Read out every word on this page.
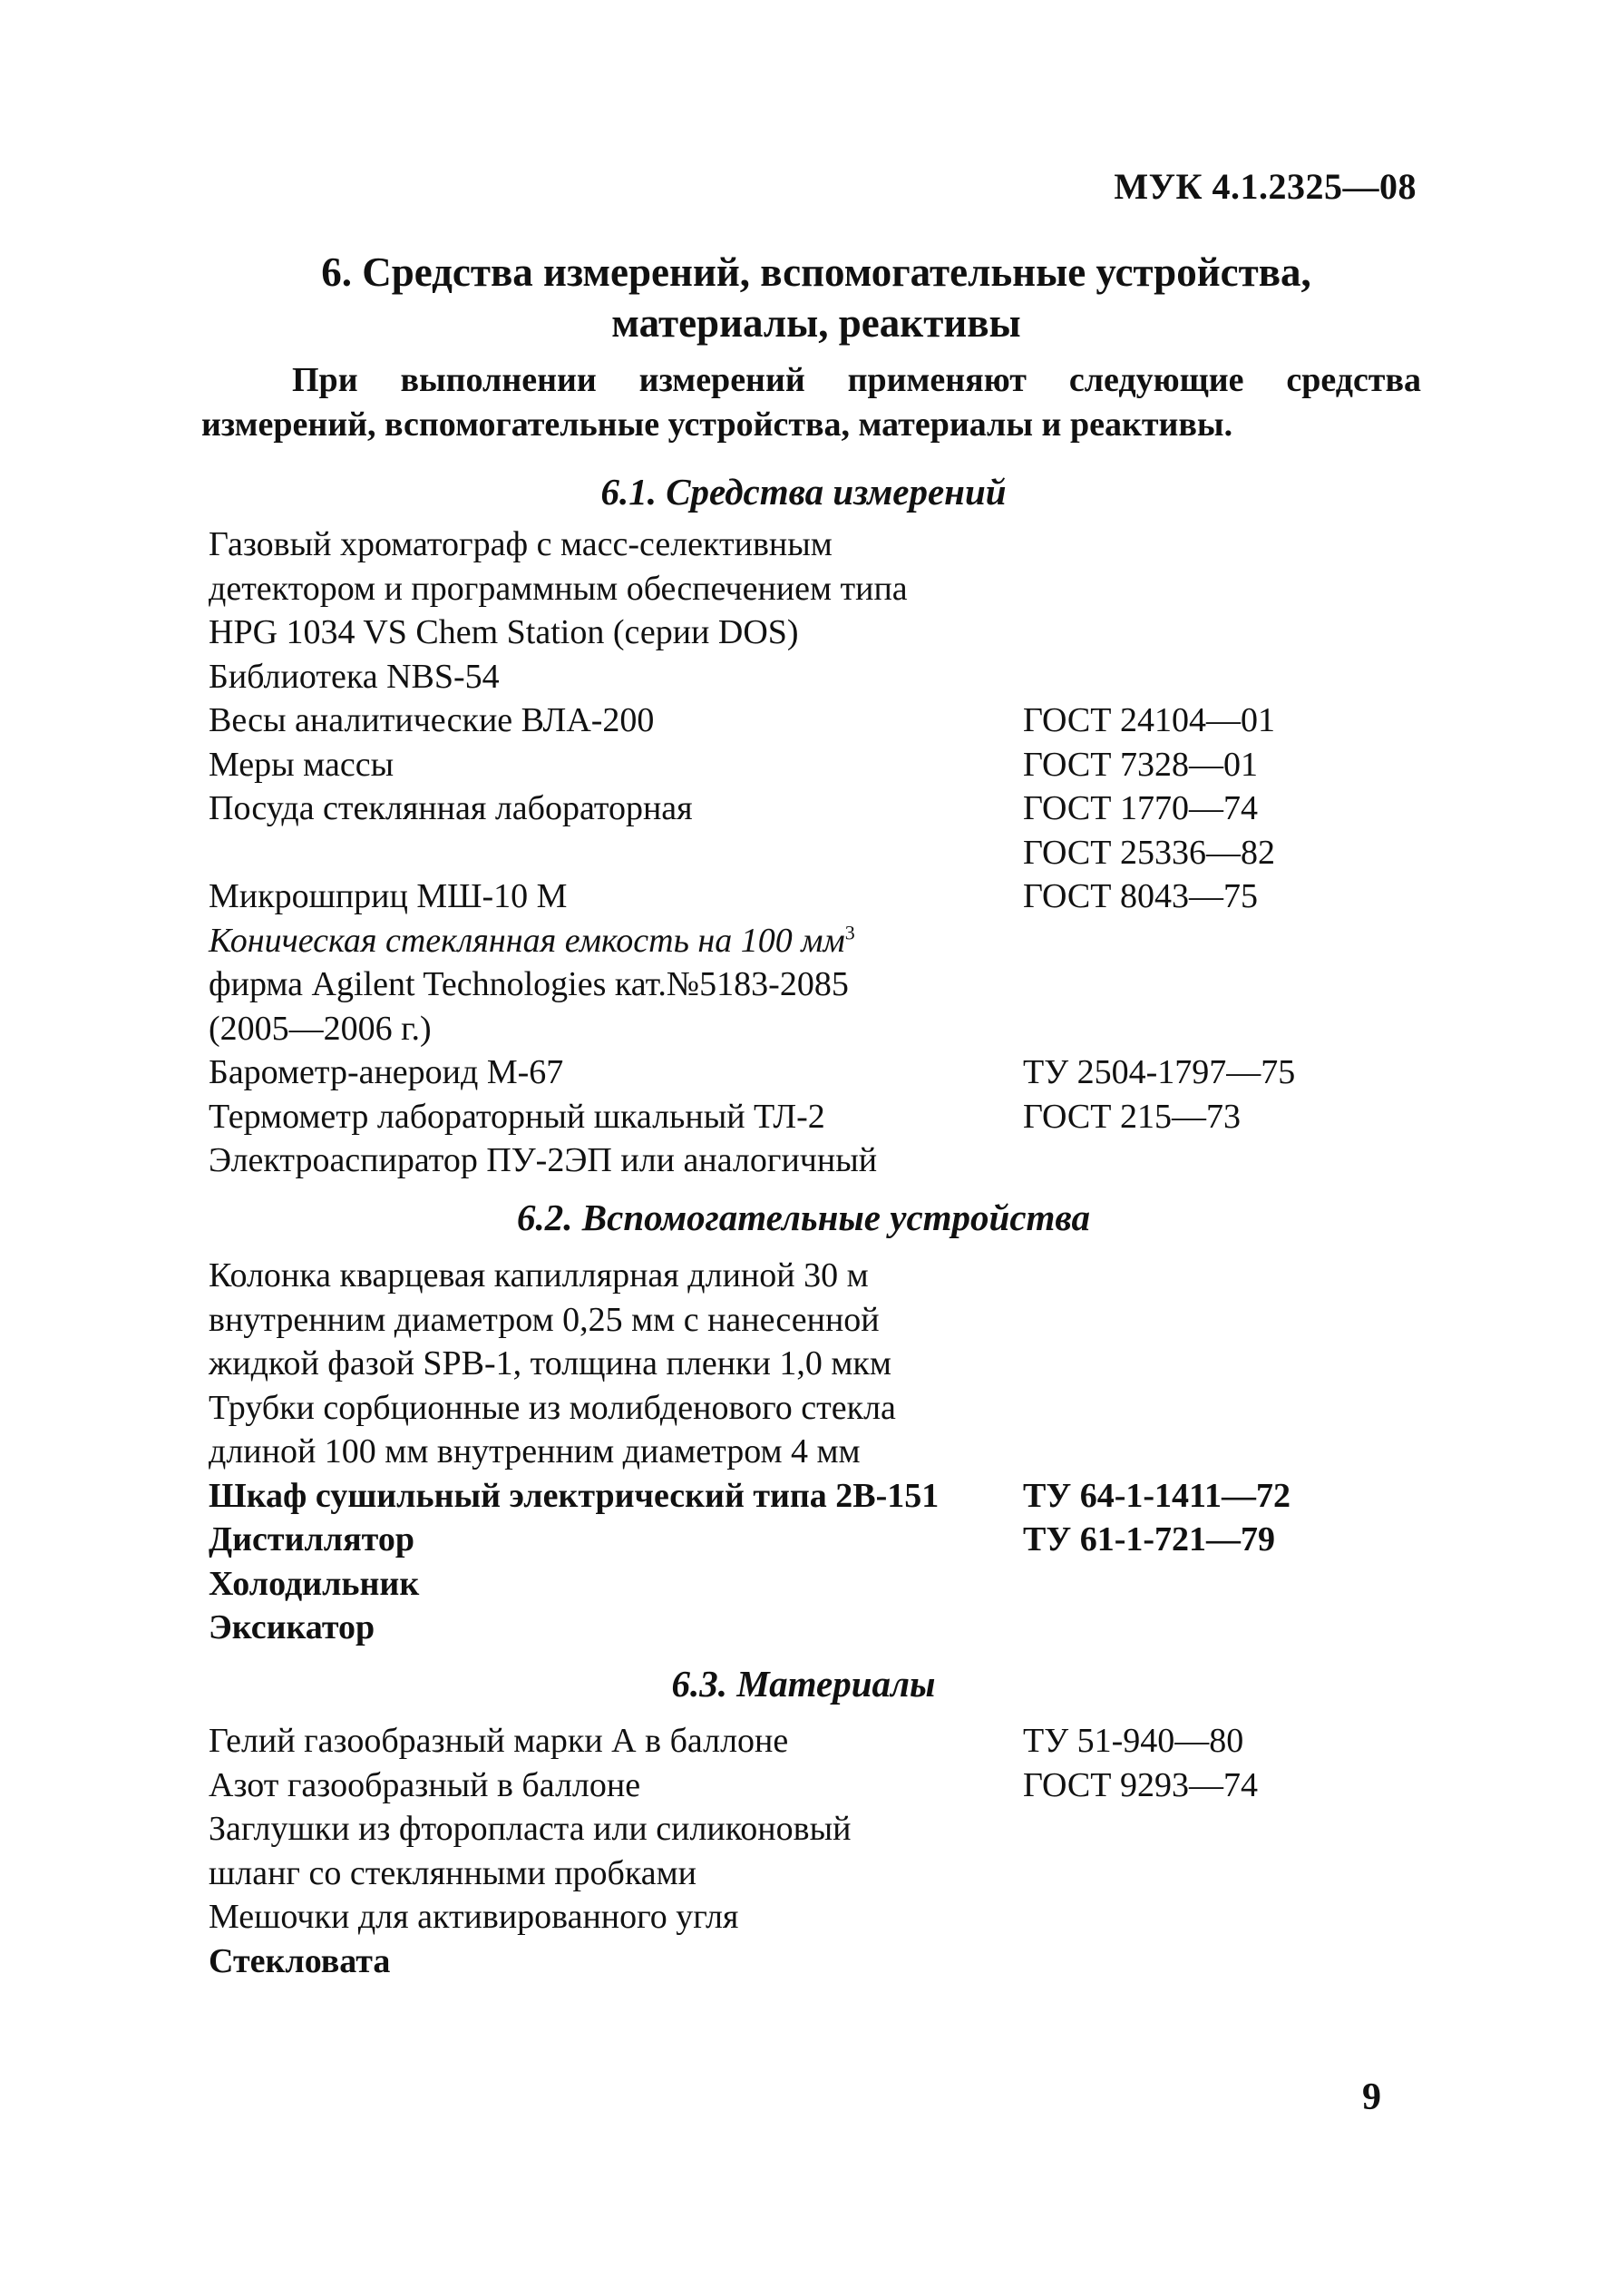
МУК 4.1.2325—08
6. Средства измерений, вспомогательные устройства, материалы, реактивы
При выполнении измерений применяют следующие средства измерений, вспомогательные устройства, материалы и реактивы.
6.1. Средства измерений
Газовый хроматограф с масс-селективным
детектором и программным обеспечением типа
HPG 1034 VS Chem Station (серии DOS)
Библиотека NBS-54
Весы аналитические ВЛА-200	ГОСТ 24104—01
Меры массы	ГОСТ 7328—01
Посуда стеклянная лабораторная	ГОСТ 1770—74
ГОСТ 25336—82
Микрошприц МШ-10 М	ГОСТ 8043—75
Коническая стеклянная емкость на 100 $мм^3$
фирма Agilent Technologies кат.№5183-2085
(2005—2006 г.)
Барометр-анероид М-67	ТУ 2504-1797—75
Термометр лабораторный шкальный ТЛ-2	ГОСТ 215—73
Электроаспиратор ПУ-2ЭП или аналогичный
6.2. Вспомогательные устройства
Колонка кварцевая капиллярная длиной 30 м
внутренним диаметром 0,25 мм с нанесенной
жидкой фазой SPB-1, толщина пленки 1,0 мкм
Трубки сорбционные из молибденового стекла
длиной 100 мм внутренним диаметром 4 мм
Шкаф сушильный электрический типа 2В-151 ТУ 64-1-1411—72
Дистиллятор	ТУ 61-1-721—79
Холодильник
Эксикатор
6.3. Материалы
Гелий газообразный марки А в баллоне	ТУ 51-940—80
Азот газообразный в баллоне	ГОСТ 9293—74
Заглушки из фторопласта или силиконовый
шланг со стеклянными пробками
Мешочки для активированного угля
Стекловата
9
